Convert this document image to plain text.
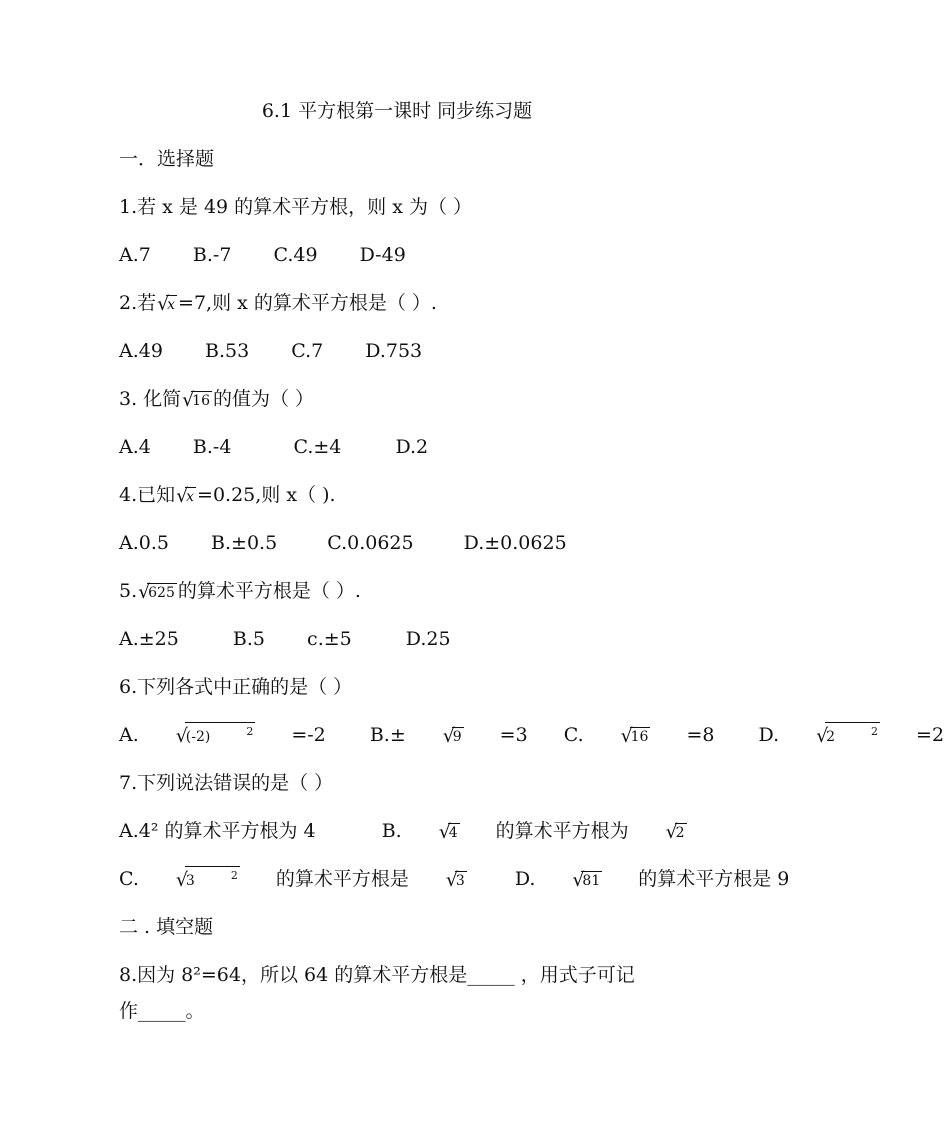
6.1 平方根第一课时 同步练习题
一．选择题
1.若 x 是 49 的算术平方根，则 x 为（ ）
A.7 B.-7 C.49 D-49
2.若 √
x =7,则 x 的算术平方根是（ ）.
A.49 B.53 C.7 D.753
3. 化简 √
16 的值为（ ）
A.4 B.-4	C.±4	D.2
4.已知 √
x =0.25,则 x（ ).
A.0.5 B.±0.5	C.0.0625	D.±0.0625
5. √
625 的算术平方根是（ ）.
A.±25	B.5 c.±5	D.25
6.下列各式中正确的是（ ）
A. √
(-2)	$^2$ =-2 B.± √
9 =3 C. √
16 =8 D. √
2	$^2$ =2
7.下列说法错误的是（ ）
A.4² 的算术平方根为 4	B. √
4 的算术平方根为 √
2
C. √
3	$^2$ 的算术平方根是 √
3	D. √
81 的算术平方根是 9
二 . 填空题
8.因为 8²=64，所以 64 的算术平方根是_____ ，用式子可记
作_____。
